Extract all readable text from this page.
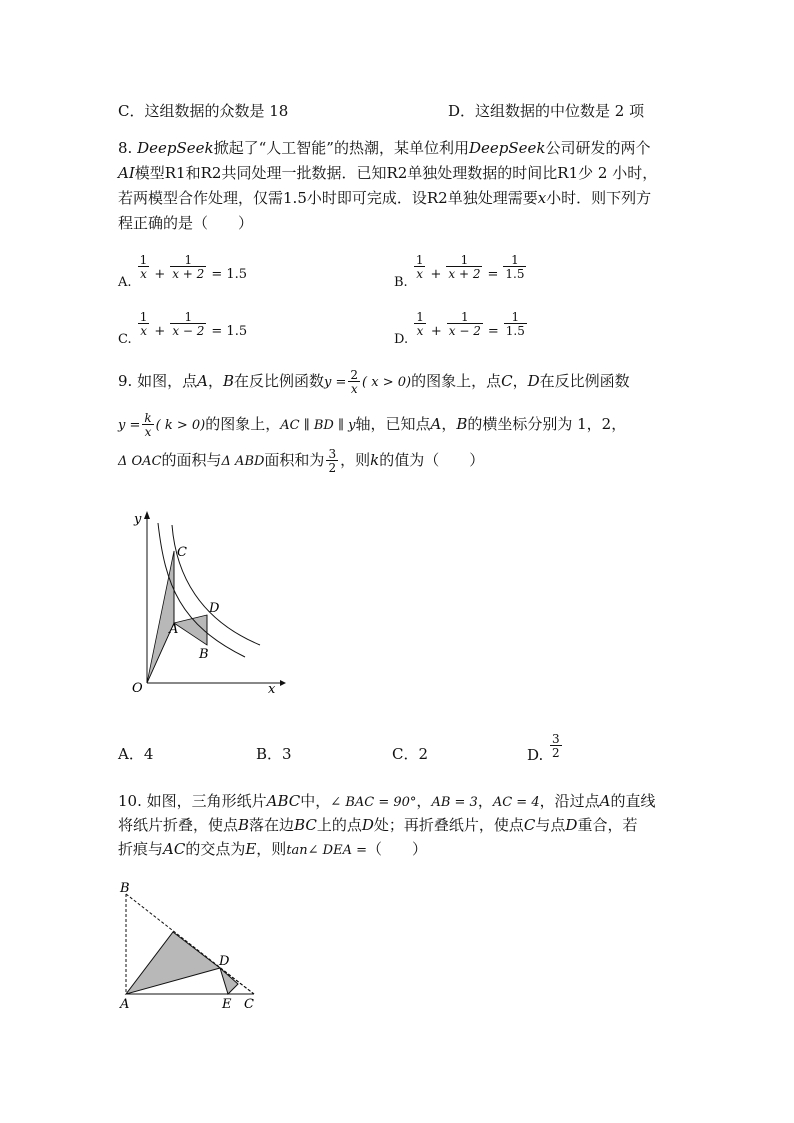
C．这组数据的众数是 18	D．这组数据的中位数是 2 项
8. DeepSeek掀起了“人工智能”的热潮，某单位利用DeepSeek公司研发的两个
AI模型R1和R2共同处理一批数据．已知R2单独处理数据的时间比R1少 2 小时，
若两模型合作处理，仅需1.5小时即可完成．设R2单独处理需要x小时．则下列方
程正确的是（　　）
A.
$\frac{1}{x} + \frac{1}{x + 2} = 1.5$
B.
$\frac{1}{x} + \frac{1}{x + 2} = \frac{1}{1.5}$
C.
$\frac{1}{x} + \frac{1}{x - 2} = 1.5$
D.
$\frac{1}{x} + \frac{1}{x - 2} = \frac{1}{1.5}$
9. 如图，点A，B在反比例函数$y = \frac{2}{x}$ ( x > 0)的图象上，点C，D在反比例函数
$y = \frac{k}{x}$ ( k > 0)的图象上，AC ∥ BD ∥ y轴，已知点A，B的横坐标分别为 1，2，
Δ OAC的面积与Δ ABD面积和为 $\frac{3}{2}$ ，则k的值为（　　）
y
x
O
C
D
A
B
A．4	B．3	C．2	D. $\frac{3}{2}$
10. 如图，三角形纸片ABC中，∠ BAC = 90°，AB = 3，AC = 4，沿过点A的直线
将纸片折叠，使点B落在边BC上的点D处；再折叠纸片，使点C与点D重合，若
折痕与AC的交点为E，则tan∠ DEA =（　　）
B
D
A	E C
